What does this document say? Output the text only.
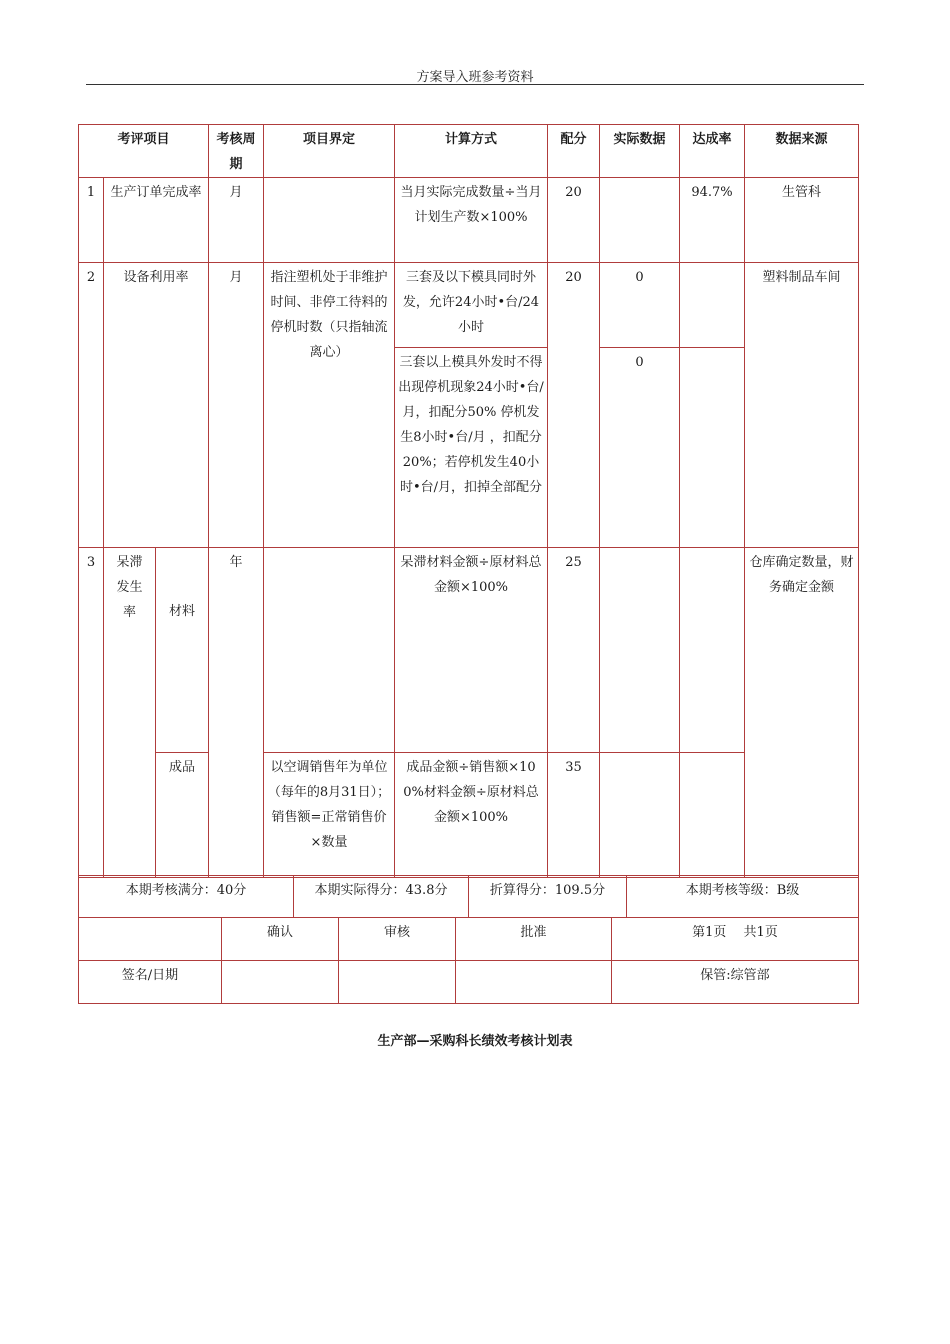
方案导入班参考资料
考评项目			考核周期	项目界定	计算方式	配分	实际数据	达成率	数据来源
1	生产订单完成率		月		当月实际完成数量÷当月计划生产数×100%	20		94.7%	生管科
2	设备利用率		月	指注塑机处于非维护时间、非停工待料的停机时数（只指轴流离心）	三套及以下模具同时外发，允许24小时•台/24小时	20	0		塑料制品车间
					三套以上模具外发时不得出现停机现象24小时•台/月，扣配分50% 停机发生8小时•台/月 ，扣配分20%；若停机发生40小时•台/月，扣掉全部配分		0		
3	呆滞发生率	材料	年		呆滞材料金额÷原材料总金额×100%	25			仓库确定数量，财务确定金额
		成品		以空调销售年为单位（每年的8月31日）；销售额=正常销售价×数量	成品金额÷销售额×100%材料金额÷原材料总金额×100%	35			
本期考核满分：40分	本期实际得分：43.8分	折算得分：109.5分	本期考核等级：B级
	确认	审核	批准	第1页　 共1页
签名/日期				保管:综管部
生产部—采购科长绩效考核计划表
